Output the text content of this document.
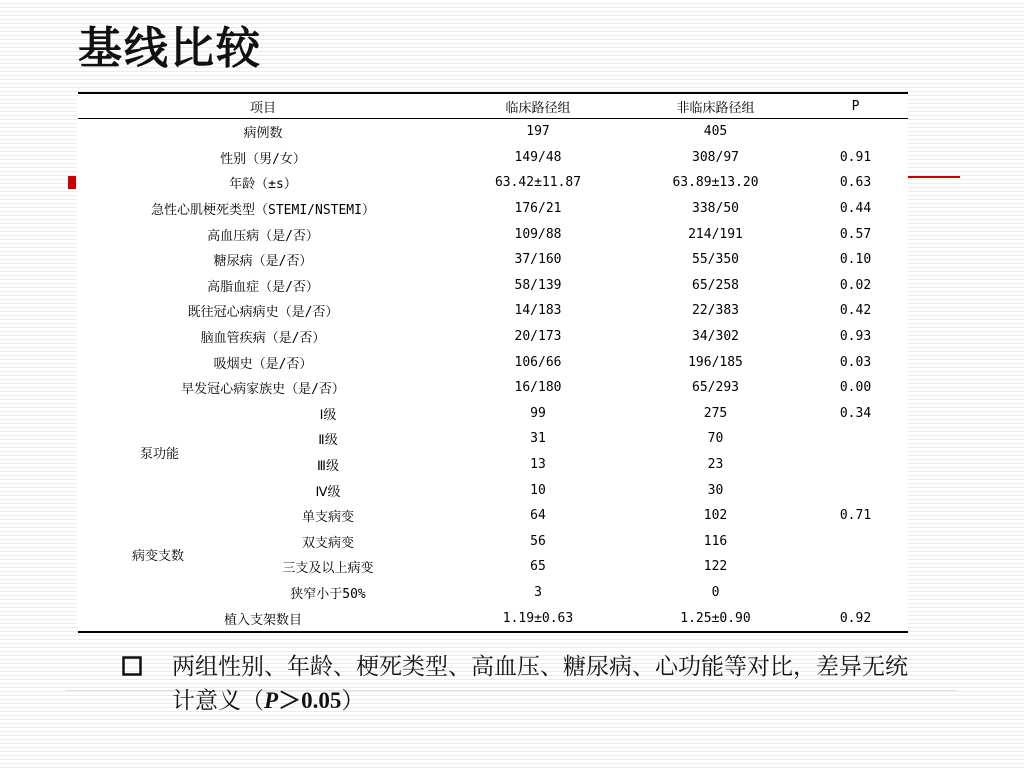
基线比较
项目	临床路径组	非临床路径组	P
病例数	197	405	
性别（男/女）	149/48	308/97	0.91
年龄（±s）	63.42±11.87	63.89±13.20	0.63
急性心肌梗死类型（STEMI/NSTEMI）	176/21	338/50	0.44
高血压病（是/否）	109/88	214/191	0.57
糖尿病（是/否）	37/160	55/350	0.10
高脂血症（是/否）	58/139	65/258	0.02
既往冠心病病史（是/否）	14/183	22/383	0.42
脑血管疾病（是/否）	20/173	34/302	0.93
吸烟史（是/否）	106/66	196/185	0.03
早发冠心病家族史（是/否）	16/180	65/293	0.00

泵功能
Ⅰ级	99	275	0.34
Ⅱ级	31	70	
Ⅲ级	13	23	
Ⅳ级	10	30	

病变支数
单支病变	64	102	0.71
双支病变	56	116	
三支及以上病变	65	122	
狭窄小于50%	3	0	
植入支架数目	1.19±0.63	1.25±0.90	0.92
两组性别、年龄、梗死类型、高血压、糖尿病、心功能等对比，差异无统计意义（P＞0.05）
